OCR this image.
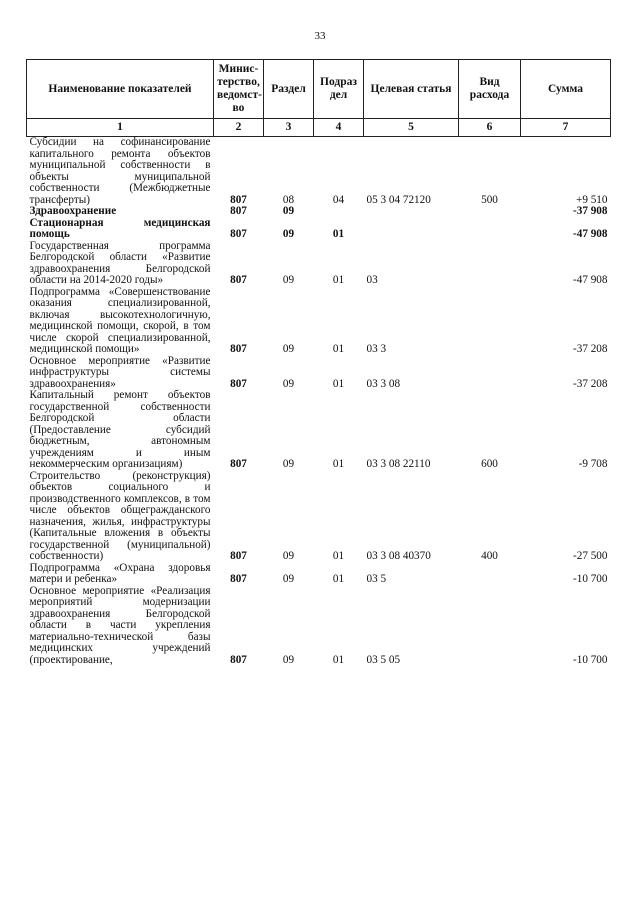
33
Наименование показателей	Минис-терство, ведомст-во	Раздел	Подраз дел	Целевая статья	Вид расхода	Сумма
1	2	3	4	5	6	7
Субсидии на софинансирование капитального ремонта объектов муниципальной собственности в объекты муниципальной собственности (Межбюджетные трансферты)	807	08	04	05 3 04 72120	500	+9 510
Здравоохранение	807	09				-37 908
Стационарная медицинская помощь	807	09	01			-47 908
Государственная программа Белгородской области «Развитие здравоохранения Белгородской области на 2014-2020 годы»	807	09	01	03		-47 908
Подпрограмма «Совершенствование оказания специализированной, включая высокотехнологичную, медицинской помощи, скорой, в том числе скорой специализированной, медицинской помощи»	807	09	01	03 3		-37 208
Основное мероприятие «Развитие инфраструктуры системы здравоохранения»	807	09	01	03 3 08		-37 208
Капитальный ремонт объектов государственной собственности Белгородской области (Предоставление субсидий бюджетным, автономным учреждениям и иным некоммерческим организациям)	807	09	01	03 3 08 22110	600	-9 708
Строительство (реконструкция) объектов социального и производственного комплексов, в том числе объектов общегражданского назначения, жилья, инфраструктуры (Капитальные вложения в объекты государственной (муниципальной) собственности)	807	09	01	03 3 08 40370	400	-27 500
Подпрограмма «Охрана здоровья матери и ребенка»	807	09	01	03 5		-10 700
Основное мероприятие «Реализация мероприятий модернизации здравоохранения Белгородской области в части укрепления материально-технической базы медицинских учреждений (проектирование,	807	09	01	03 5 05		-10 700
